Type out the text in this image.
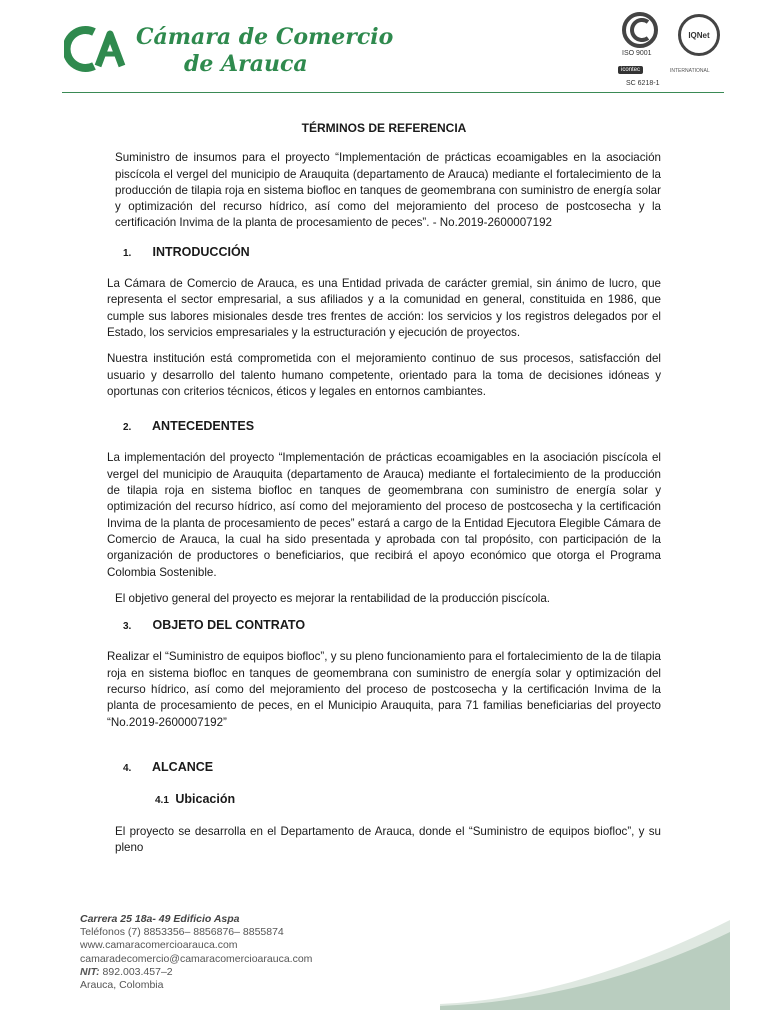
Cámara de Comercio
de Arauca	ISO 9001
IQNet
icontec	INTERNATIONAL
SC 6218-1
TÉRMINOS DE REFERENCIA

Suministro de insumos para el proyecto “Implementación de prácticas ecoamigables en la asociación piscícola el vergel del municipio de Arauquita (departamento de Arauca) mediante el fortalecimiento de la producción de tilapia roja en sistema biofloc en tanques de geomembrana con suministro de energía solar y optimización del recurso hídrico, así como del mejoramiento del proceso de postcosecha y la certificación Invima de la planta de procesamiento de peces”. - No.2019-2600007192

1. INTRODUCCIÓN

La Cámara de Comercio de Arauca, es una Entidad privada de carácter gremial, sin ánimo de lucro, que representa el sector empresarial, a sus afiliados y a la comunidad en general, constituida en 1986, que cumple sus labores misionales desde tres frentes de acción: los servicios y los registros delegados por el Estado, los servicios empresariales y la estructuración y ejecución de proyectos.

Nuestra institución está comprometida con el mejoramiento continuo de sus procesos, satisfacción del usuario y desarrollo del talento humano competente, orientado para la toma de decisiones idóneas y oportunas con criterios técnicos, éticos y legales en entornos cambiantes.

2. ANTECEDENTES

La implementación del proyecto “Implementación de prácticas ecoamigables en la asociación piscícola el vergel del municipio de Arauquita (departamento de Arauca) mediante el fortalecimiento de la producción de tilapia roja en sistema biofloc en tanques de geomembrana con suministro de energía solar y optimización del recurso hídrico, así como del mejoramiento del proceso de postcosecha y la certificación Invima de la planta de procesamiento de peces” estará a cargo de la Entidad Ejecutora Elegible Cámara de Comercio de Arauca, la cual ha sido presentada y aprobada con tal propósito, con participación de la organización de productores o beneficiarios, que recibirá el apoyo económico que otorga el Programa Colombia Sostenible.

El objetivo general del proyecto es mejorar la rentabilidad de la producción piscícola.

3. OBJETO DEL CONTRATO

Realizar el “Suministro de equipos biofloc”, y su pleno funcionamiento para el fortalecimiento de la de tilapia roja en sistema biofloc en tanques de geomembrana con suministro de energía solar y optimización del recurso hídrico, así como del mejoramiento del proceso de postcosecha y la certificación Invima de la planta de procesamiento de peces, en el Municipio Arauquita, para 71 familias beneficiarias del proyecto “No.2019-2600007192”

4. ALCANCE
4.1 Ubicación

El proyecto se desarrolla en el Departamento de Arauca, donde el “Suministro de equipos biofloc”, y su pleno

Carrera 25 18a- 49 Edificio Aspa
Teléfonos (7) 8853356– 8856876– 8855874
www.camaracomercioarauca.com
camaradecomercio@camaracomercioarauca.com
NIT: 892.003.457–2
Arauca, Colombia
